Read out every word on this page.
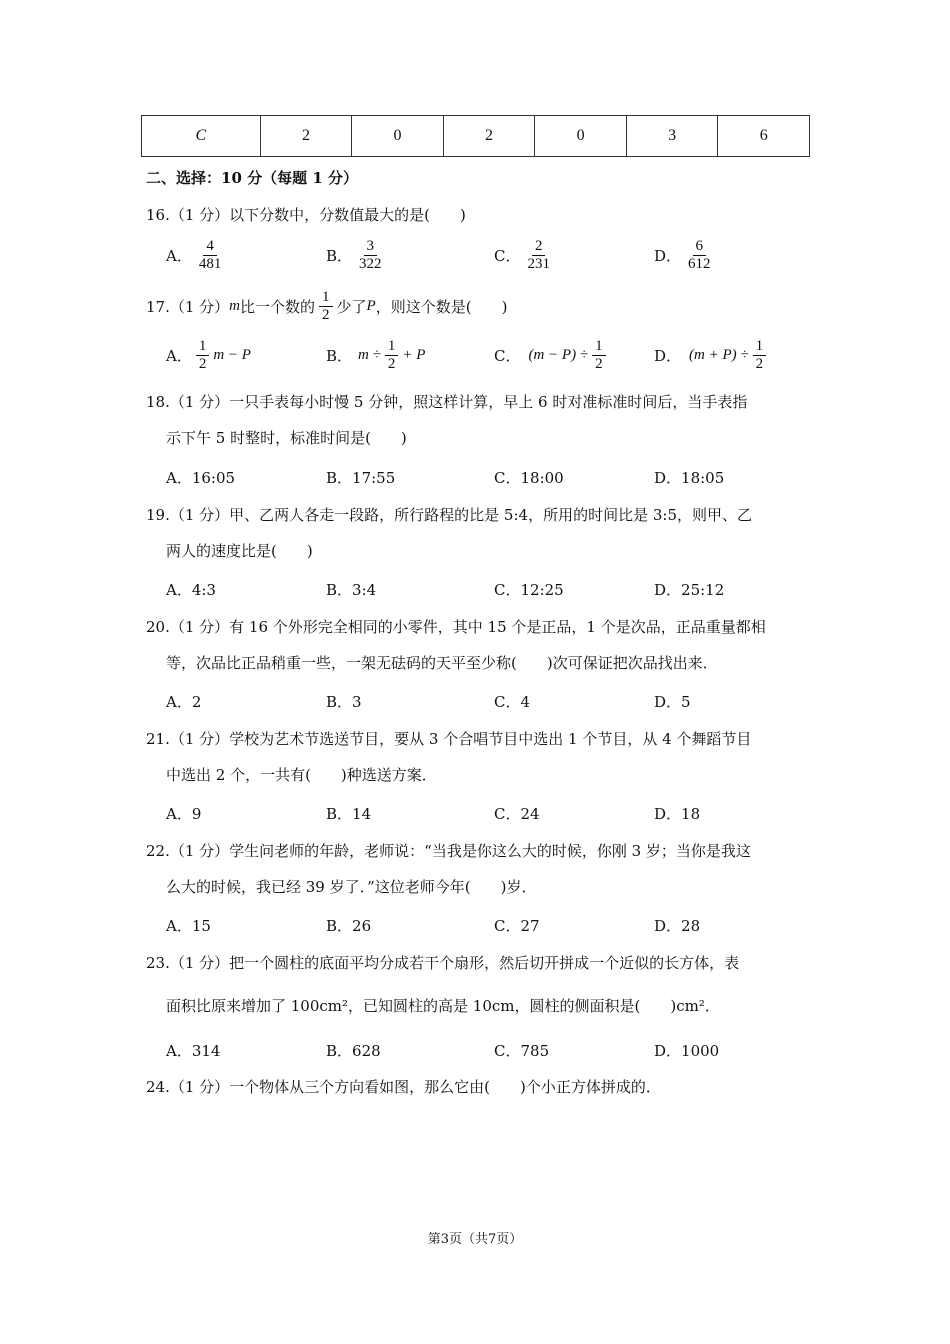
C	2	0	2	0	3	6
二、选择：10 分（每题 1 分）
16.（1 分）以下分数中，分数值最大的是(　　)
A． $\frac{4}{481}$	B． $\frac{3}{322}$	C． $\frac{2}{231}$	D． $\frac{6}{612}$
17.（1 分） m 比一个数的 $\frac{1}{2}$ 少了 P ，则这个数是(　　)
A． $\frac{1}{2}$ m − P	B． $m \div \frac{1}{2} + P$	C． $(m - P) \div \frac{1}{2}$	D． $(m + P) \div \frac{1}{2}$
18.（1 分）一只手表每小时慢 5 分钟，照这样计算，早上 6 时对准标准时间后，当手表指
示下午 5 时整时，标准时间是(　　)
A．16:05	B．17:55	C．18:00	D．18:05
19.（1 分）甲、乙两人各走一段路，所行路程的比是 5:4，所用的时间比是 3:5，则甲、乙
两人的速度比是(　　)
A．4:3	B．3:4	C．12:25	D．25:12
20.（1 分）有 16 个外形完全相同的小零件，其中 15 个是正品，1 个是次品，正品重量都相
等，次品比正品稍重一些，一架无砝码的天平至少称(　　)次可保证把次品找出来．
A．2	B．3	C．4	D．5
21.（1 分）学校为艺术节选送节目，要从 3 个合唱节目中选出 1 个节目，从 4 个舞蹈节目
中选出 2 个，一共有(　　)种选送方案．
A．9	B．14	C．24	D．18
22.（1 分）学生问老师的年龄，老师说：“当我是你这么大的时候，你刚 3 岁；当你是我这
么大的时候，我已经 39 岁了．”这位老师今年(　　)岁．
A．15	B．26	C．27	D．28
23.（1 分）把一个圆柱的底面平均分成若干个扇形，然后切开拼成一个近似的长方体，表
面积比原来增加了 100cm²，已知圆柱的高是 10cm，圆柱的侧面积是(　　)cm²．
A．314	B．628	C．785	D．1000
24.（1 分）一个物体从三个方向看如图，那么它由(　　)个小正方体拼成的．
第3页（共7页）
